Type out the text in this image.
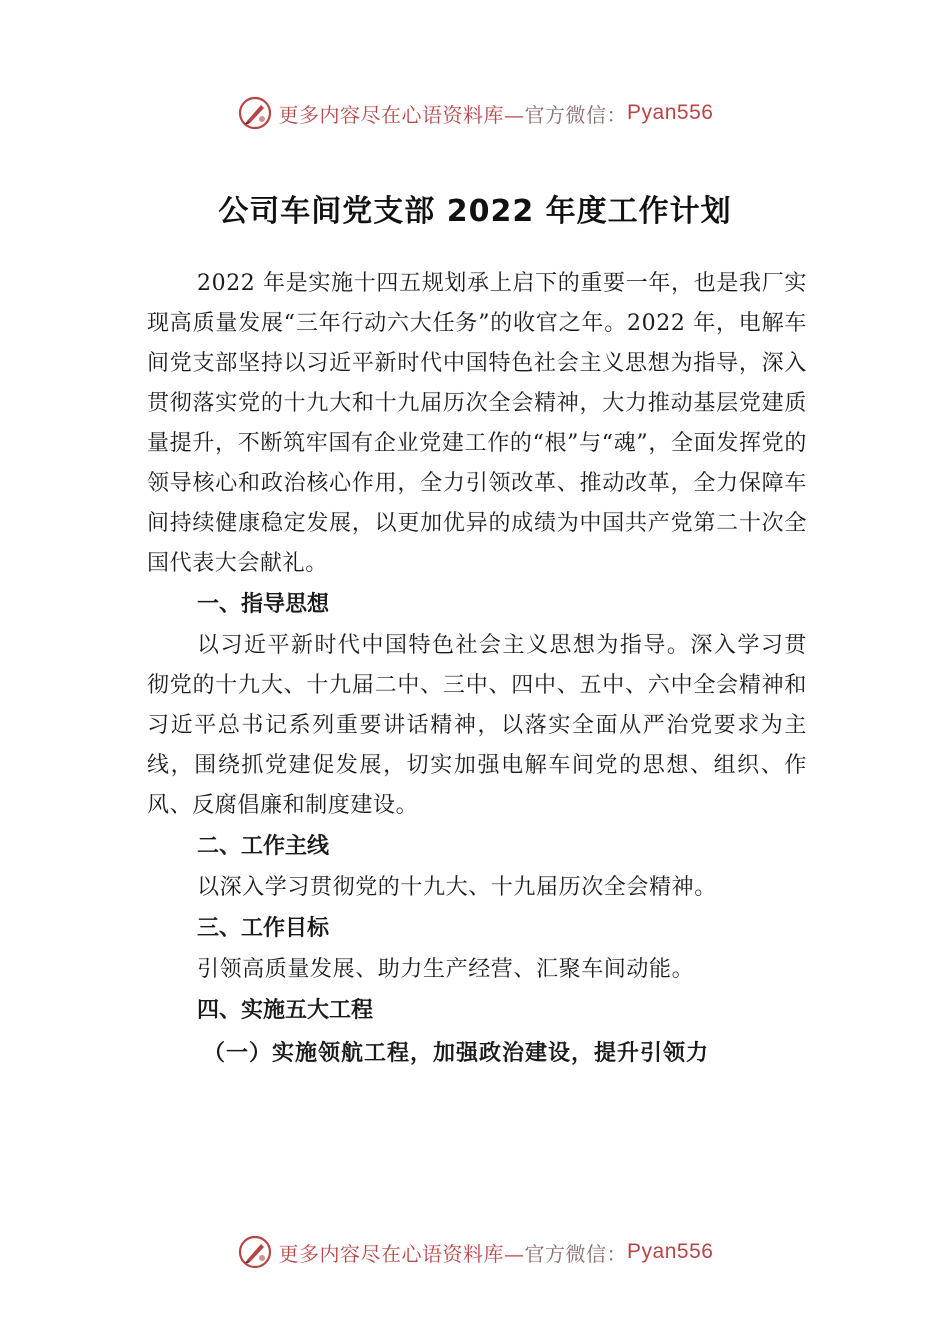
更多内容尽在心语资料库— 官方微信： Pyan556
公司车间党支部 2022 年度工作计划

2022 年是实施十四五规划承上启下的重要一年，也是我厂实现高质量发展“三年行动六大任务”的收官之年。2022 年，电解车间党支部坚持以习近平新时代中国特色社会主义思想为指导，深入贯彻落实党的十九大和十九届历次全会精神，大力推动基层党建质量提升，不断筑牢国有企业党建工作的“根”与“魂”，全面发挥党的领导核心和政治核心作用，全力引领改革、推动改革，全力保障车间持续健康稳定发展，以更加优异的成绩为中国共产党第二十次全国代表大会献礼。

一、指导思想

以习近平新时代中国特色社会主义思想为指导。深入学习贯彻党的十九大、十九届二中、三中、四中、五中、六中全会精神和习近平总书记系列重要讲话精神，以落实全面从严治党要求为主线，围绕抓党建促发展，切实加强电解车间党的思想、组织、作风、反腐倡廉和制度建设。

二、工作主线

以深入学习贯彻党的十九大、十九届历次全会精神。

三、工作目标

引领高质量发展、助力生产经营、汇聚车间动能。

四、实施五大工程

（一）实施领航工程，加强政治建设，提升引领力

更多内容尽在心语资料库— 官方微信： Pyan556
